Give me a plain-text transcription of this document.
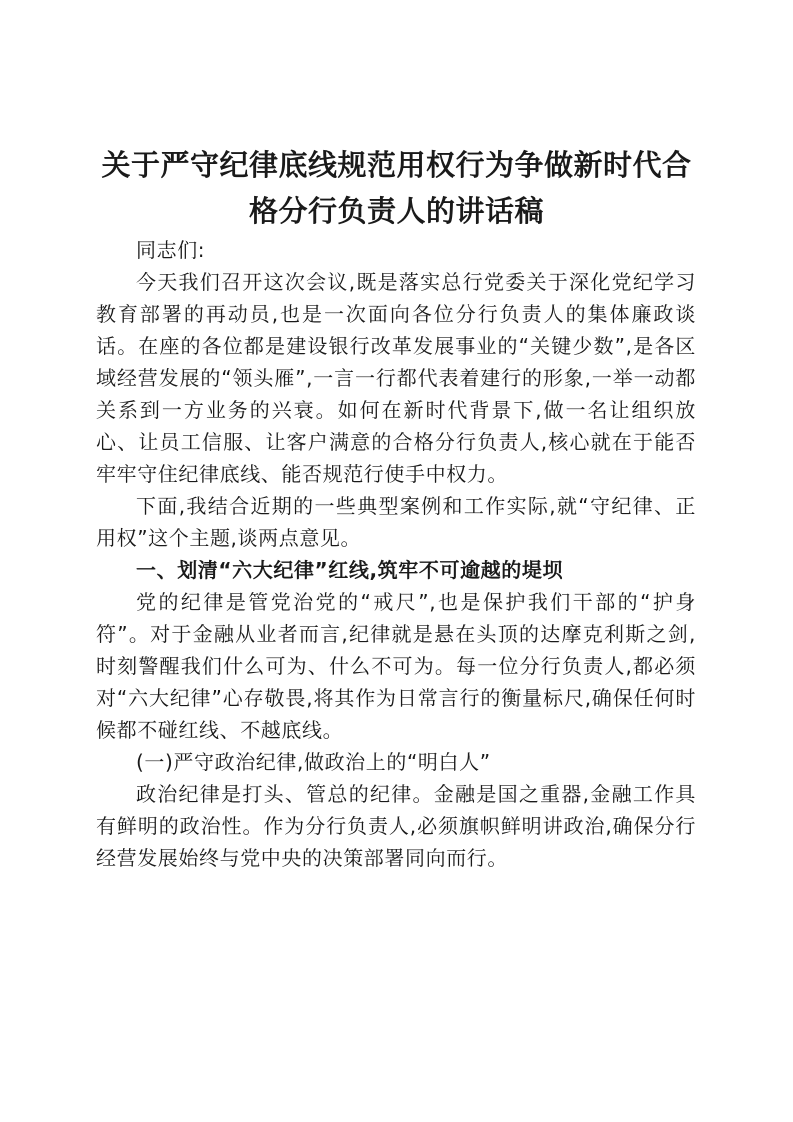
关于严守纪律底线规范用权行为争做新时代合格分行负责人的讲话稿

同志们:

今天我们召开这次会议,既是落实总行党委关于深化党纪学习教育部署的再动员,也是一次面向各位分行负责人的集体廉政谈话。在座的各位都是建设银行改革发展事业的“关键少数”,是各区域经营发展的“领头雁”,一言一行都代表着建行的形象,一举一动都关系到一方业务的兴衰。如何在新时代背景下,做一名让组织放心、让员工信服、让客户满意的合格分行负责人,核心就在于能否牢牢守住纪律底线、能否规范行使手中权力。

下面,我结合近期的一些典型案例和工作实际,就“守纪律、正用权”这个主题,谈两点意见。

一、划清“六大纪律”红线,筑牢不可逾越的堤坝

党的纪律是管党治党的“戒尺”,也是保护我们干部的“护身符”。对于金融从业者而言,纪律就是悬在头顶的达摩克利斯之剑,时刻警醒我们什么可为、什么不可为。每一位分行负责人,都必须对“六大纪律”心存敬畏,将其作为日常言行的衡量标尺,确保任何时候都不碰红线、不越底线。

(一)严守政治纪律,做政治上的“明白人”

政治纪律是打头、管总的纪律。金融是国之重器,金融工作具有鲜明的政治性。作为分行负责人,必须旗帜鲜明讲政治,确保分行经营发展始终与党中央的决策部署同向而行。
